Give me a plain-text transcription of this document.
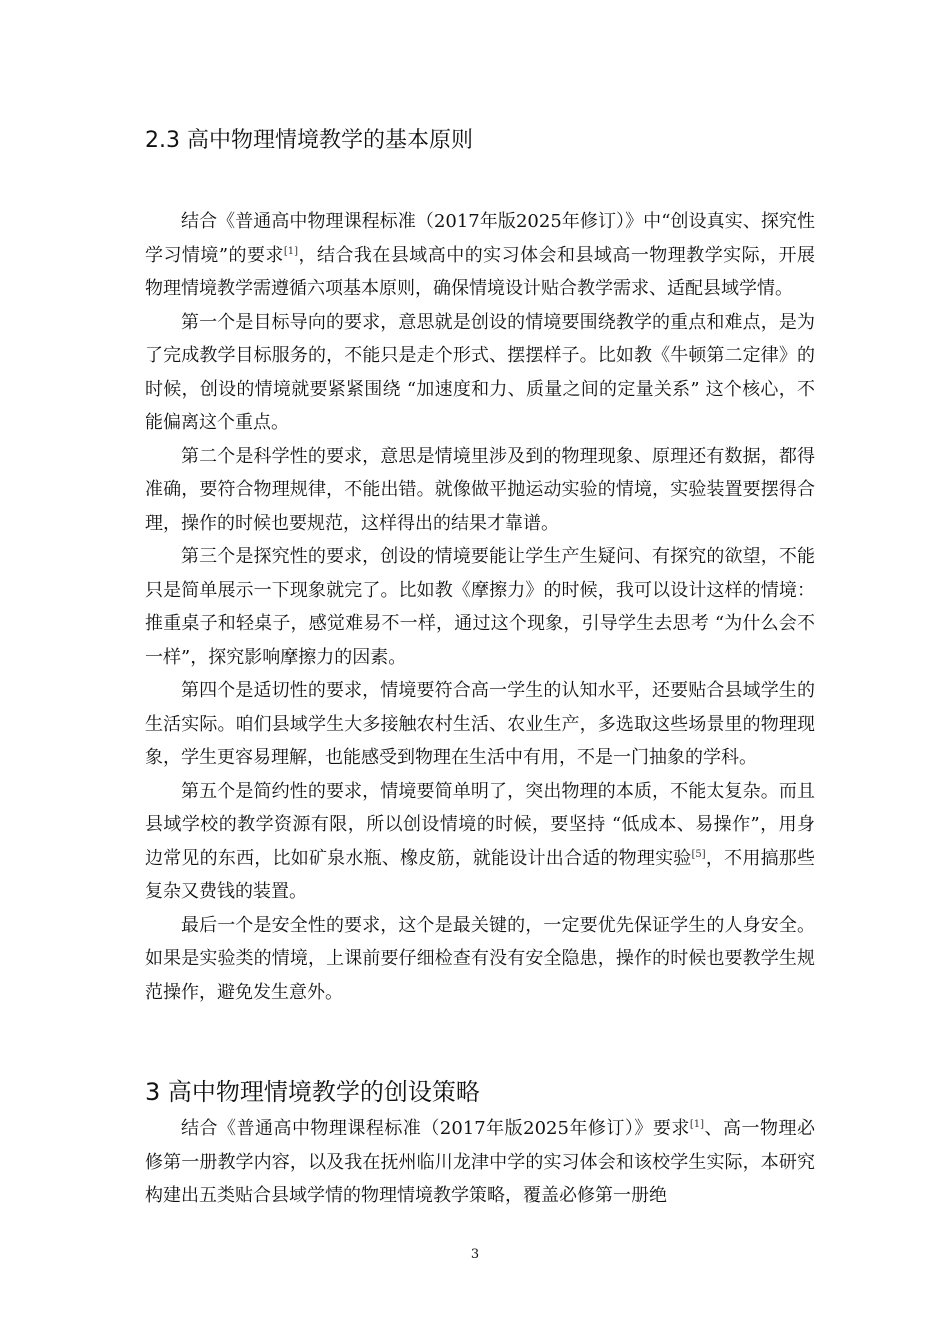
2.3 高中物理情境教学的基本原则

结合《普通高中物理课程标准（2017年版2025年修订）》中“创设真实、探究性学习情境”的要求[1]，结合我在县域高中的实习体会和县域高一物理教学实际，开展物理情境教学需遵循六项基本原则，确保情境设计贴合教学需求、适配县域学情。

第一个是目标导向的要求，意思就是创设的情境要围绕教学的重点和难点，是为了完成教学目标服务的，不能只是走个形式、摆摆样子。比如教《牛顿第二定律》的时候，创设的情境就要紧紧围绕 “加速度和力、质量之间的定量关系” 这个核心，不能偏离这个重点。

第二个是科学性的要求，意思是情境里涉及到的物理现象、原理还有数据，都得准确，要符合物理规律，不能出错。就像做平抛运动实验的情境，实验装置要摆得合理，操作的时候也要规范，这样得出的结果才靠谱。

第三个是探究性的要求，创设的情境要能让学生产生疑问、有探究的欲望，不能只是简单展示一下现象就完了。比如教《摩擦力》的时候，我可以设计这样的情境：推重桌子和轻桌子，感觉难易不一样，通过这个现象，引导学生去思考 “为什么会不一样”，探究影响摩擦力的因素。

第四个是适切性的要求，情境要符合高一学生的认知水平，还要贴合县域学生的生活实际。咱们县域学生大多接触农村生活、农业生产，多选取这些场景里的物理现象，学生更容易理解，也能感受到物理在生活中有用，不是一门抽象的学科。

第五个是简约性的要求，情境要简单明了，突出物理的本质，不能太复杂。而且县域学校的教学资源有限，所以创设情境的时候，要坚持 “低成本、易操作”，用身边常见的东西，比如矿泉水瓶、橡皮筋，就能设计出合适的物理实验[5]，不用搞那些复杂又费钱的装置。

最后一个是安全性的要求，这个是最关键的，一定要优先保证学生的人身安全。如果是实验类的情境，上课前要仔细检查有没有安全隐患，操作的时候也要教学生规范操作，避免发生意外。

3 高中物理情境教学的创设策略

结合《普通高中物理课程标准（2017年版2025年修订）》要求[1]、高一物理必修第一册教学内容，以及我在抚州临川龙津中学的实习体会和该校学生实际，本研究构建出五类贴合县域学情的物理情境教学策略，覆盖必修第一册绝

3
